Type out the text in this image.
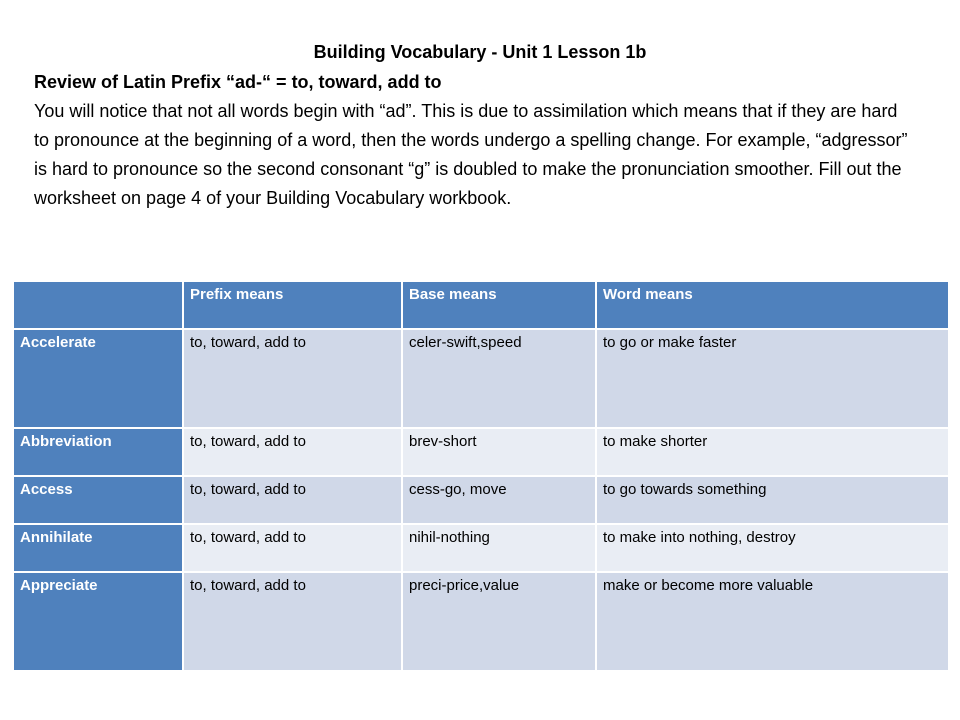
Building Vocabulary - Unit 1 Lesson 1b
Review of Latin Prefix “ad-“ = to, toward, add to
You will notice that not all words begin with “ad”. This is due to assimilation which means that if they are hard to pronounce at the beginning of a word, then the words undergo a spelling change. For example, “adgressor” is hard to pronounce so the second consonant “g” is doubled to make the pronunciation smoother. Fill out the worksheet on page 4 of your Building Vocabulary workbook.
	Prefix means	Base means	Word means
Accelerate	to, toward, add to	celer-swift,speed	to go or make faster
Abbreviation	to, toward, add to	brev-short	to make shorter
Access	to, toward, add to	cess-go, move	to go towards something
Annihilate	to, toward, add to	nihil-nothing	to make into nothing, destroy
Appreciate	to, toward, add to	preci-price,value	make or become more valuable
